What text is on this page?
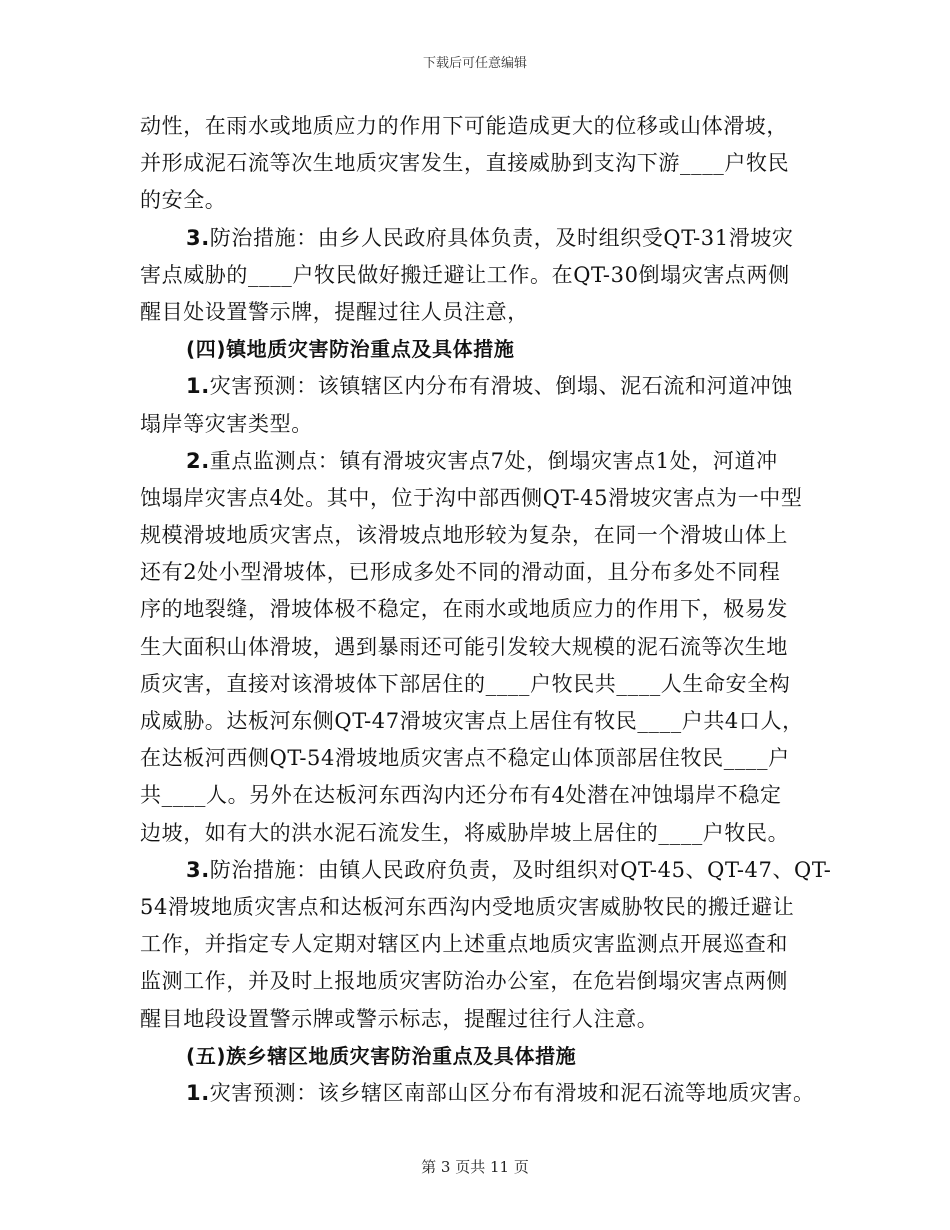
下载后可任意编辑
动性，在雨水或地质应力的作用下可能造成更大的位移或山体滑坡，
并形成泥石流等次生地质灾害发生，直接威胁到支沟下游____户牧民
的安全。
3.防治措施：由乡人民政府具体负责，及时组织受QT-31滑坡灾
害点威胁的____户牧民做好搬迁避让工作。在QT-30倒塌灾害点两侧
醒目处设置警示牌，提醒过往人员注意，
(四)镇地质灾害防治重点及具体措施
1.灾害预测：该镇辖区内分布有滑坡、倒塌、泥石流和河道冲蚀
塌岸等灾害类型。
2.重点监测点：镇有滑坡灾害点7处，倒塌灾害点1处，河道冲
蚀塌岸灾害点4处。其中，位于沟中部西侧QT-45滑坡灾害点为一中型
规模滑坡地质灾害点，该滑坡点地形较为复杂，在同一个滑坡山体上
还有2处小型滑坡体，已形成多处不同的滑动面，且分布多处不同程
序的地裂缝，滑坡体极不稳定，在雨水或地质应力的作用下，极易发
生大面积山体滑坡，遇到暴雨还可能引发较大规模的泥石流等次生地
质灾害，直接对该滑坡体下部居住的____户牧民共____人生命安全构
成威胁。达板河东侧QT-47滑坡灾害点上居住有牧民____户共4口人，
在达板河西侧QT-54滑坡地质灾害点不稳定山体顶部居住牧民____户
共____人。另外在达板河东西沟内还分布有4处潜在冲蚀塌岸不稳定
边坡，如有大的洪水泥石流发生，将威胁岸坡上居住的____户牧民。
3.防治措施：由镇人民政府负责，及时组织对QT-45、QT-47、QT-
54滑坡地质灾害点和达板河东西沟内受地质灾害威胁牧民的搬迁避让
工作，并指定专人定期对辖区内上述重点地质灾害监测点开展巡查和
监测工作，并及时上报地质灾害防治办公室，在危岩倒塌灾害点两侧
醒目地段设置警示牌或警示标志，提醒过往行人注意。
(五)族乡辖区地质灾害防治重点及具体措施
1.灾害预测：该乡辖区南部山区分布有滑坡和泥石流等地质灾害。
第 3 页共 11 页
